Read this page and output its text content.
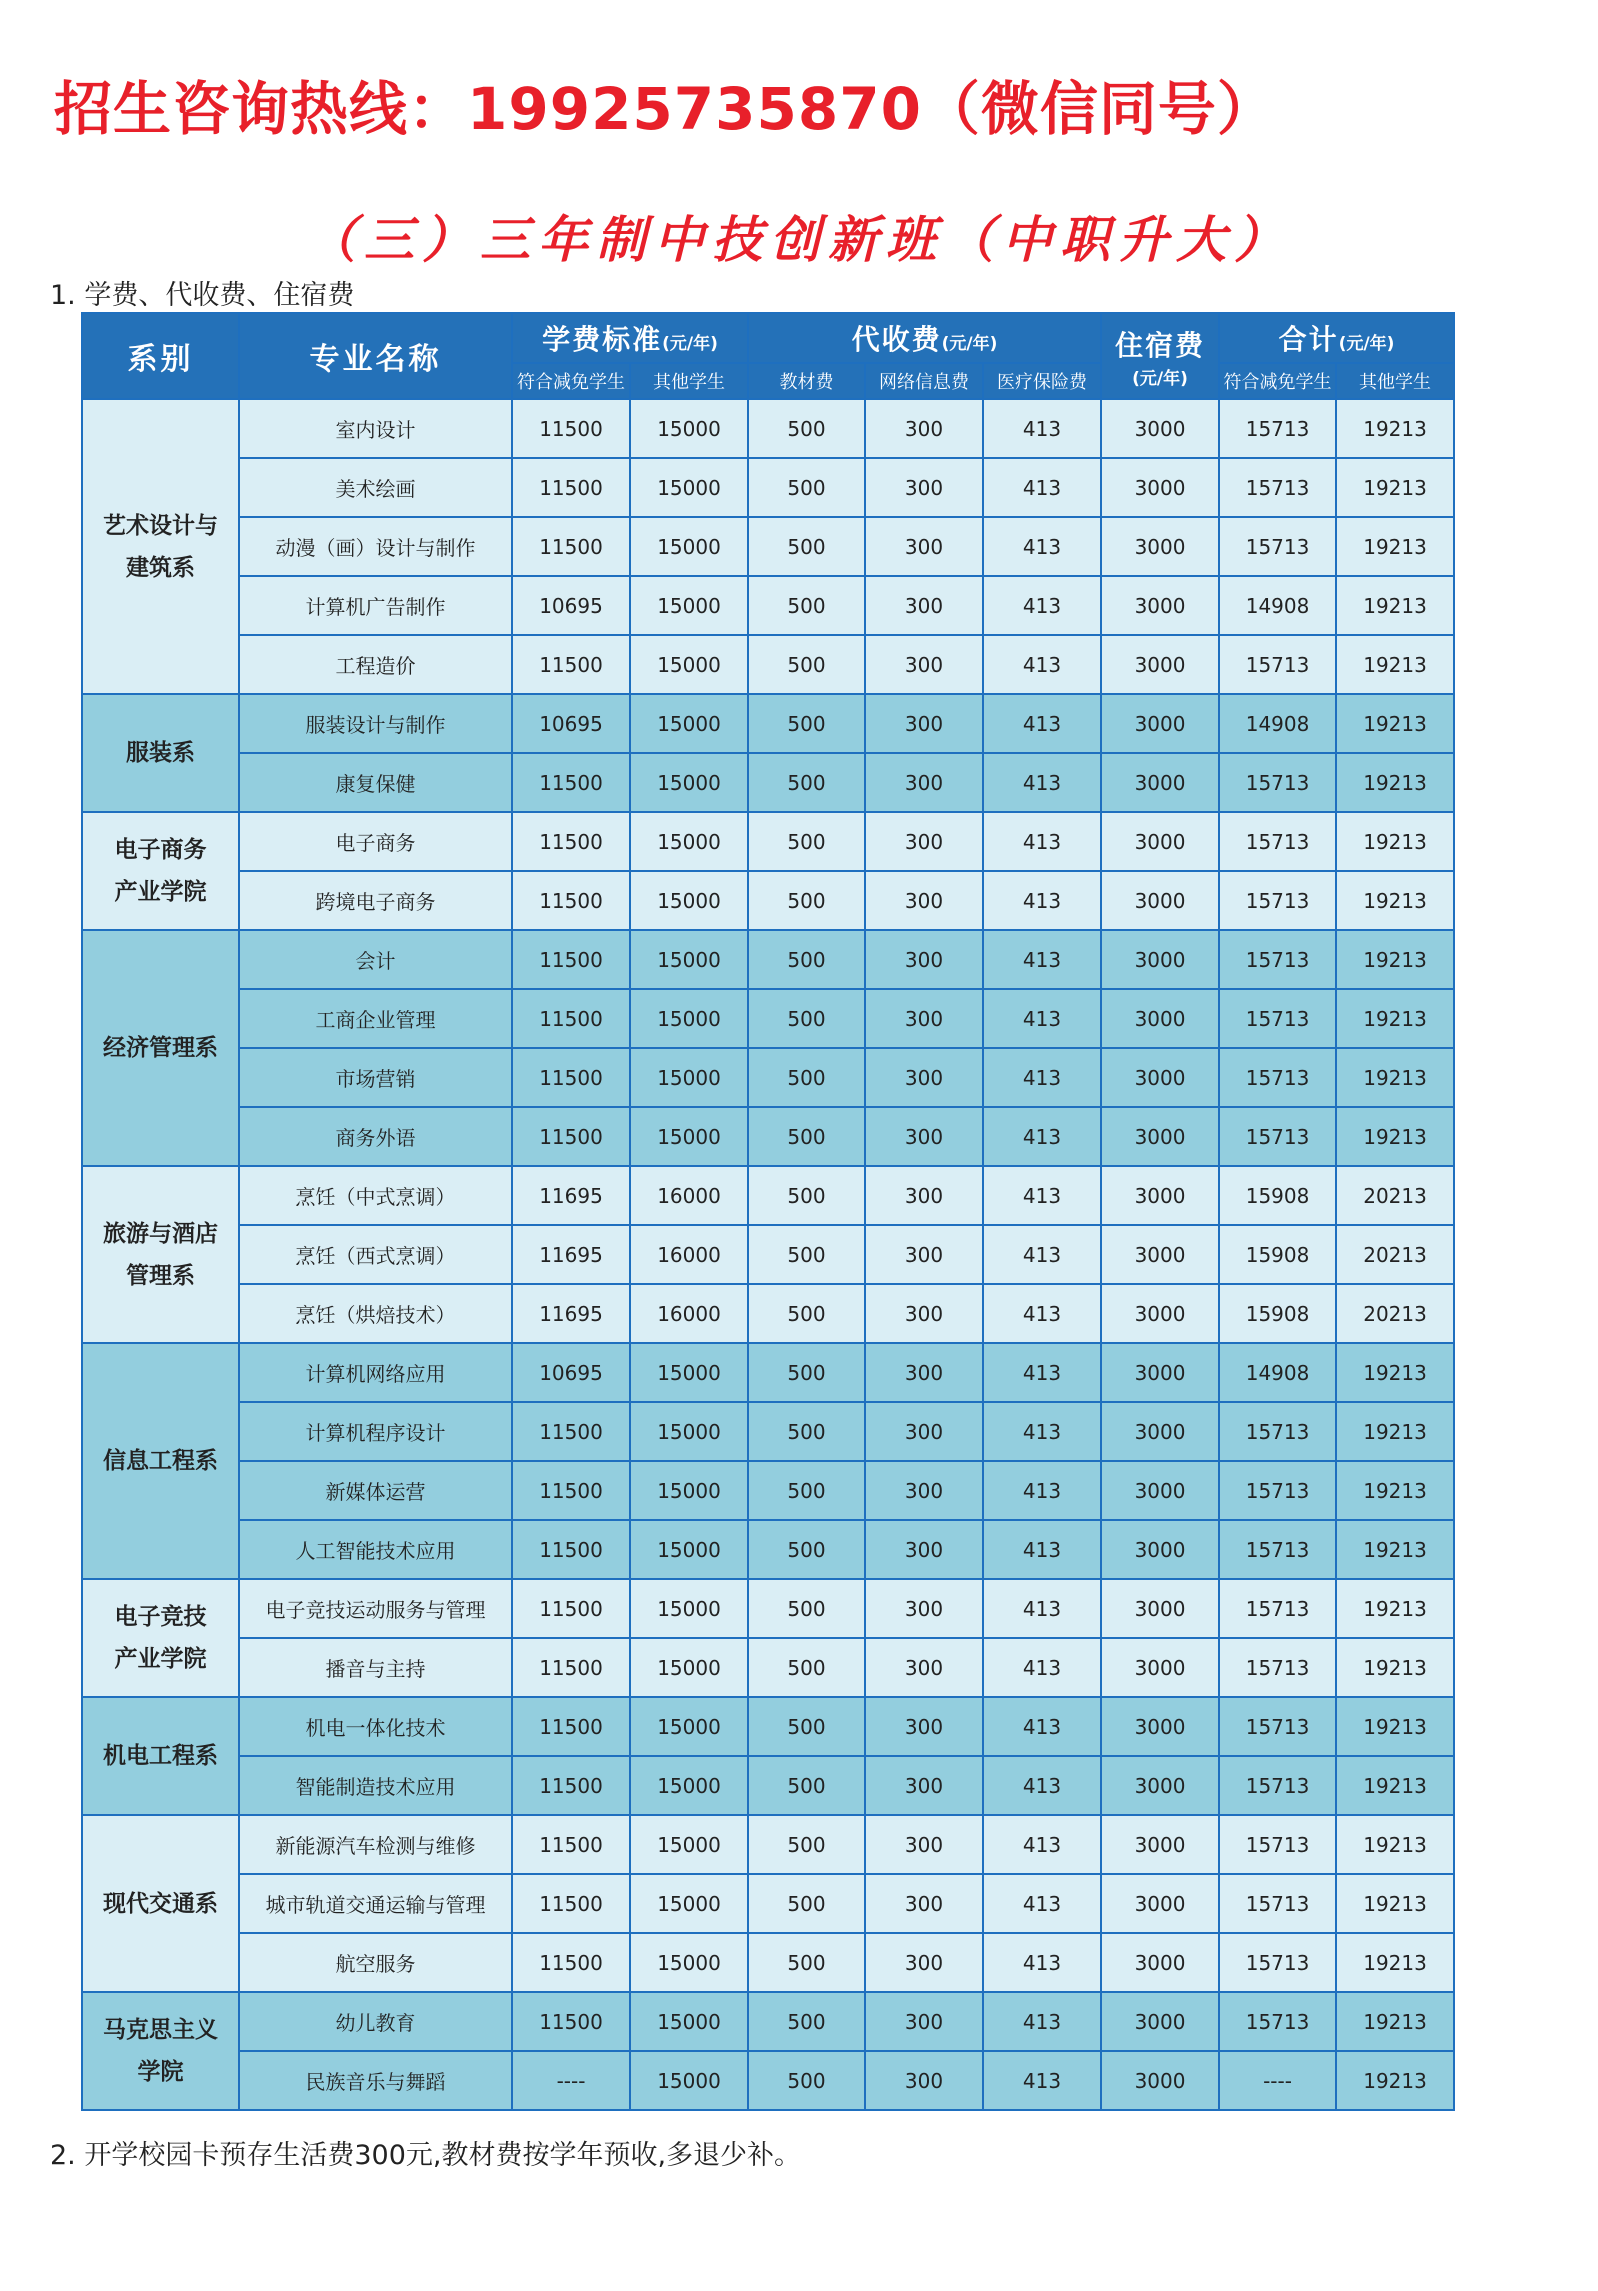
招生咨询热线：19925735870（微信同号）
（三）三年制中技创新班（中职升大）
1. 学费、代收费、住宿费
系别	专业名称	学费标准(元/年)		代收费(元/年)			住宿费
(元/年)	合计(元/年)	
		符合减免学生	其他学生	教材费	网络信息费	医疗保险费		符合减免学生	其他学生
艺术设计与
建筑系	室内设计	11500	15000	500	300	413	3000	15713	19213
	美术绘画	11500	15000	500	300	413	3000	15713	19213
	动漫（画）设计与制作	11500	15000	500	300	413	3000	15713	19213
	计算机广告制作	10695	15000	500	300	413	3000	14908	19213
	工程造价	11500	15000	500	300	413	3000	15713	19213
服装系	服装设计与制作	10695	15000	500	300	413	3000	14908	19213
	康复保健	11500	15000	500	300	413	3000	15713	19213
电子商务
产业学院	电子商务	11500	15000	500	300	413	3000	15713	19213
	跨境电子商务	11500	15000	500	300	413	3000	15713	19213
经济管理系	会计	11500	15000	500	300	413	3000	15713	19213
	工商企业管理	11500	15000	500	300	413	3000	15713	19213
	市场营销	11500	15000	500	300	413	3000	15713	19213
	商务外语	11500	15000	500	300	413	3000	15713	19213
旅游与酒店
管理系	烹饪（中式烹调）	11695	16000	500	300	413	3000	15908	20213
	烹饪（西式烹调）	11695	16000	500	300	413	3000	15908	20213
	烹饪（烘焙技术）	11695	16000	500	300	413	3000	15908	20213
信息工程系	计算机网络应用	10695	15000	500	300	413	3000	14908	19213
	计算机程序设计	11500	15000	500	300	413	3000	15713	19213
	新媒体运营	11500	15000	500	300	413	3000	15713	19213
	人工智能技术应用	11500	15000	500	300	413	3000	15713	19213
电子竞技
产业学院	电子竞技运动服务与管理	11500	15000	500	300	413	3000	15713	19213
	播音与主持	11500	15000	500	300	413	3000	15713	19213
机电工程系	机电一体化技术	11500	15000	500	300	413	3000	15713	19213
	智能制造技术应用	11500	15000	500	300	413	3000	15713	19213
现代交通系	新能源汽车检测与维修	11500	15000	500	300	413	3000	15713	19213
	城市轨道交通运输与管理	11500	15000	500	300	413	3000	15713	19213
	航空服务	11500	15000	500	300	413	3000	15713	19213
马克思主义
学院	幼儿教育	11500	15000	500	300	413	3000	15713	19213
	民族音乐与舞蹈	----	15000	500	300	413	3000	----	19213
2. 开学校园卡预存生活费300元,教材费按学年预收,多退少补。
